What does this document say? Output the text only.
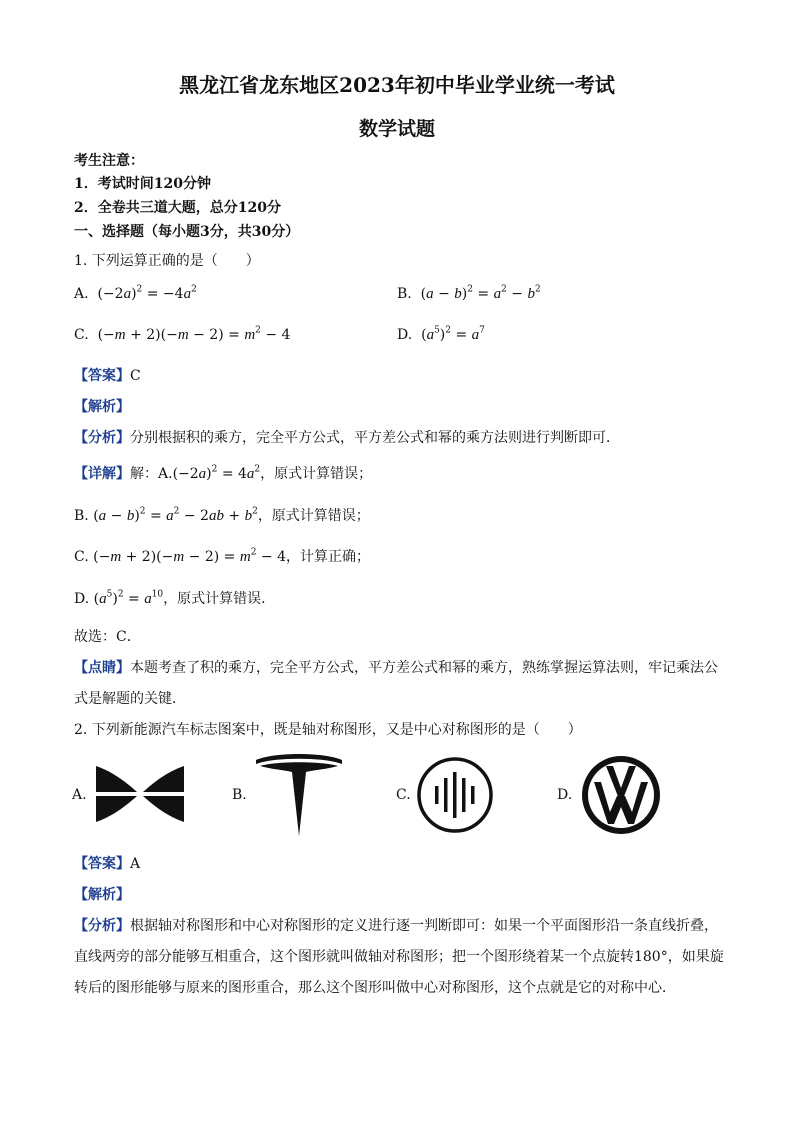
黑龙江省龙东地区2023年初中毕业学业统一考试
数学试题
考生注意：
1．考试时间120分钟
2．全卷共三道大题，总分120分
一、选择题（每小题3分，共30分）
1. 下列运算正确的是（　　）
A.  $(-2a)^2 = -4a^2$	B.  $(a - b)^2 = a^2 - b^2$
C.  $(-m + 2)(-m - 2) = m^2 - 4$	D.  $(a^5)^2 = a^7$
【答案】C
【解析】
【分析】分别根据积的乘方，完全平方公式，平方差公式和幂的乘方法则进行判断即可．
【详解】解：$A.(-2a)^2 = 4a^2$，原式计算错误；
B. $(a - b)^2 = a^2 - 2ab + b^2$，原式计算错误；
C. $(-m + 2)(-m - 2) = m^2 - 4$，计算正确；
D. $(a^5)^2 = a^{10}$，原式计算错误．
故选：C．
【点睛】本题考查了积的乘方，完全平方公式，平方差公式和幂的乘方，熟练掌握运算法则，牢记乘法公
式是解题的关键．
2. 下列新能源汽车标志图案中，既是轴对称图形，又是中心对称图形的是（　　）
A.	B.	C.	D.
【答案】A
【解析】
【分析】根据轴对称图形和中心对称图形的定义进行逐一判断即可：如果一个平面图形沿一条直线折叠，
直线两旁的部分能够互相重合，这个图形就叫做轴对称图形；把一个图形绕着某一个点旋转180°，如果旋
转后的图形能够与原来的图形重合，那么这个图形叫做中心对称图形，这个点就是它的对称中心．
